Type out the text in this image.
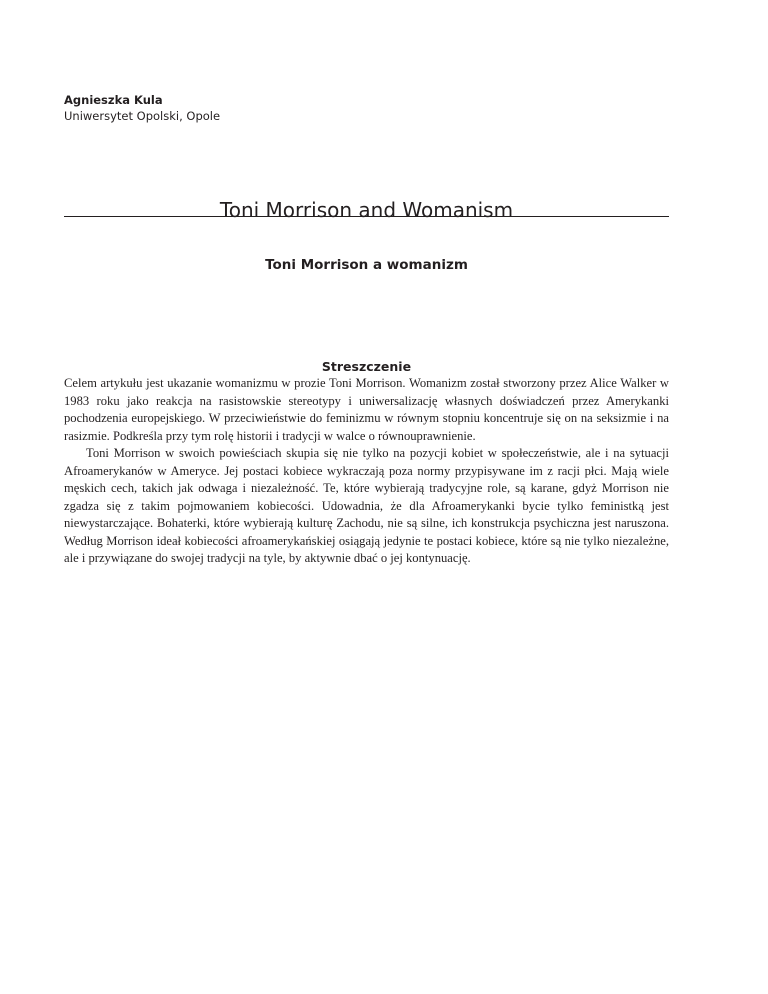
Agnieszka Kula
Uniwersytet Opolski, Opole
Toni Morrison and Womanism
Toni Morrison a womanizm
Streszczenie

Celem artykułu jest ukazanie womanizmu w prozie Toni Morrison. Womanizm został stworzony przez Alice Walker w 1983 roku jako reakcja na rasistowskie stereotypy i uniwersalizację własnych doświadczeń przez Amerykanki pochodzenia europejskiego. W przeciwieństwie do feminizmu w równym stopniu koncentruje się on na seksizmie i na rasizmie. Podkreśla przy tym rolę historii i tradycji w walce o równouprawnienie.

Toni Morrison w swoich powieściach skupia się nie tylko na pozycji kobiet w społeczeństwie, ale i na sytuacji Afroamerykanów w Ameryce. Jej postaci kobiece wykraczają poza normy przypisywane im z racji płci. Mają wiele męskich cech, takich jak odwaga i niezależność. Te, które wybierają tradycyjne role, są karane, gdyż Morrison nie zgadza się z takim pojmowaniem kobiecości. Udowadnia, że dla Afroamerykanki bycie tylko feministką jest niewystarczające. Bohaterki, które wybierają kulturę Zachodu, nie są silne, ich konstrukcja psychiczna jest naruszona. Według Morrison ideał kobiecości afroamerykańskiej osiągają jedynie te postaci kobiece, które są nie tylko niezależne, ale i przywiązane do swojej tradycji na tyle, by aktywnie dbać o jej kontynuację.
